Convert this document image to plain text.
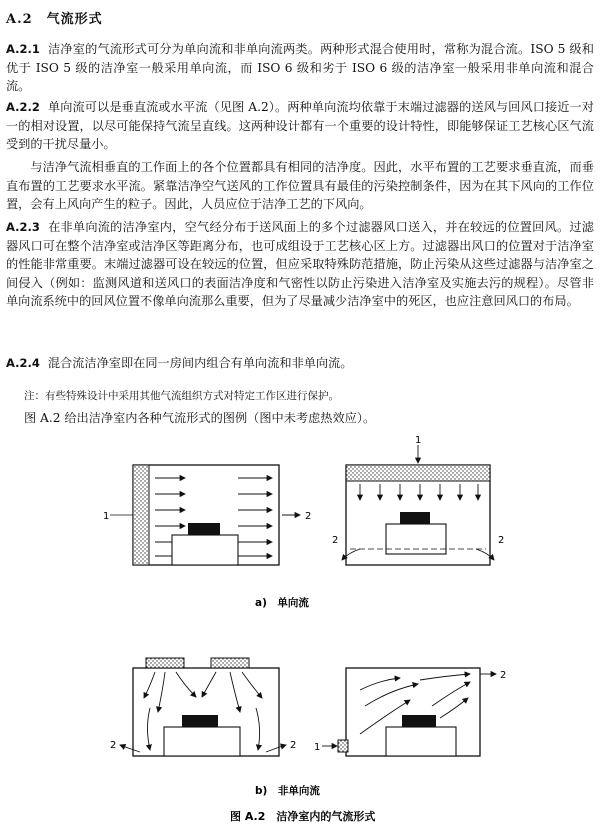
A.2　气流形式
A.2.1 洁净室的气流形式可分为单向流和非单向流两类。两种形式混合使用时，常称为混合流。ISO 5 级和优于 ISO 5 级的洁净室一般采用单向流，而 ISO 6 级和劣于 ISO 6 级的洁净室一般采用非单向流和混合流。
A.2.2 单向流可以是垂直流或水平流（见图 A.2）。两种单向流均依靠于末端过滤器的送风与回风口接近一对一的相对设置，以尽可能保持气流呈直线。这两种设计都有一个重要的设计特性，即能够保证工艺核心区气流受到的干扰尽量小。
与洁净气流相垂直的工作面上的各个位置都具有相同的洁净度。因此，水平布置的工艺要求垂直流，而垂直布置的工艺要求水平流。紧靠洁净空气送风的工作位置具有最佳的污染控制条件，因为在其下风向的工作位置，会有上风向产生的粒子。因此，人员应位于洁净工艺的下风向。
A.2.3 在非单向流的洁净室内，空气经分布于送风面上的多个过滤器风口送入，并在较远的位置回风。过滤器风口可在整个洁净室或洁净区等距离分布，也可成组设于工艺核心区上方。过滤器出风口的位置对于洁净室的性能非常重要。末端过滤器可设在较远的位置，但应采取特殊防范措施，防止污染从这些过滤器与洁净室之间侵入（例如：监测风道和送风口的表面洁净度和气密性以防止污染进入洁净室及实施去污的规程）。尽管非单向流系统中的回风位置不像单向流那么重要，但为了尽量减少洁净室中的死区，也应注意回风口的布局。
A.2.4 混合流洁净室即在同一房间内组合有单向流和非单向流。
注：有些特殊设计中采用其他气流组织方式对特定工作区进行保护。
图 A.2 给出洁净室内各种气流形式的图例（图中未考虑热效应）。
1	2
1
2	2
a)　单向流
2	2 1
2
b)　非单向流
图 A.2　洁净室内的气流形式
